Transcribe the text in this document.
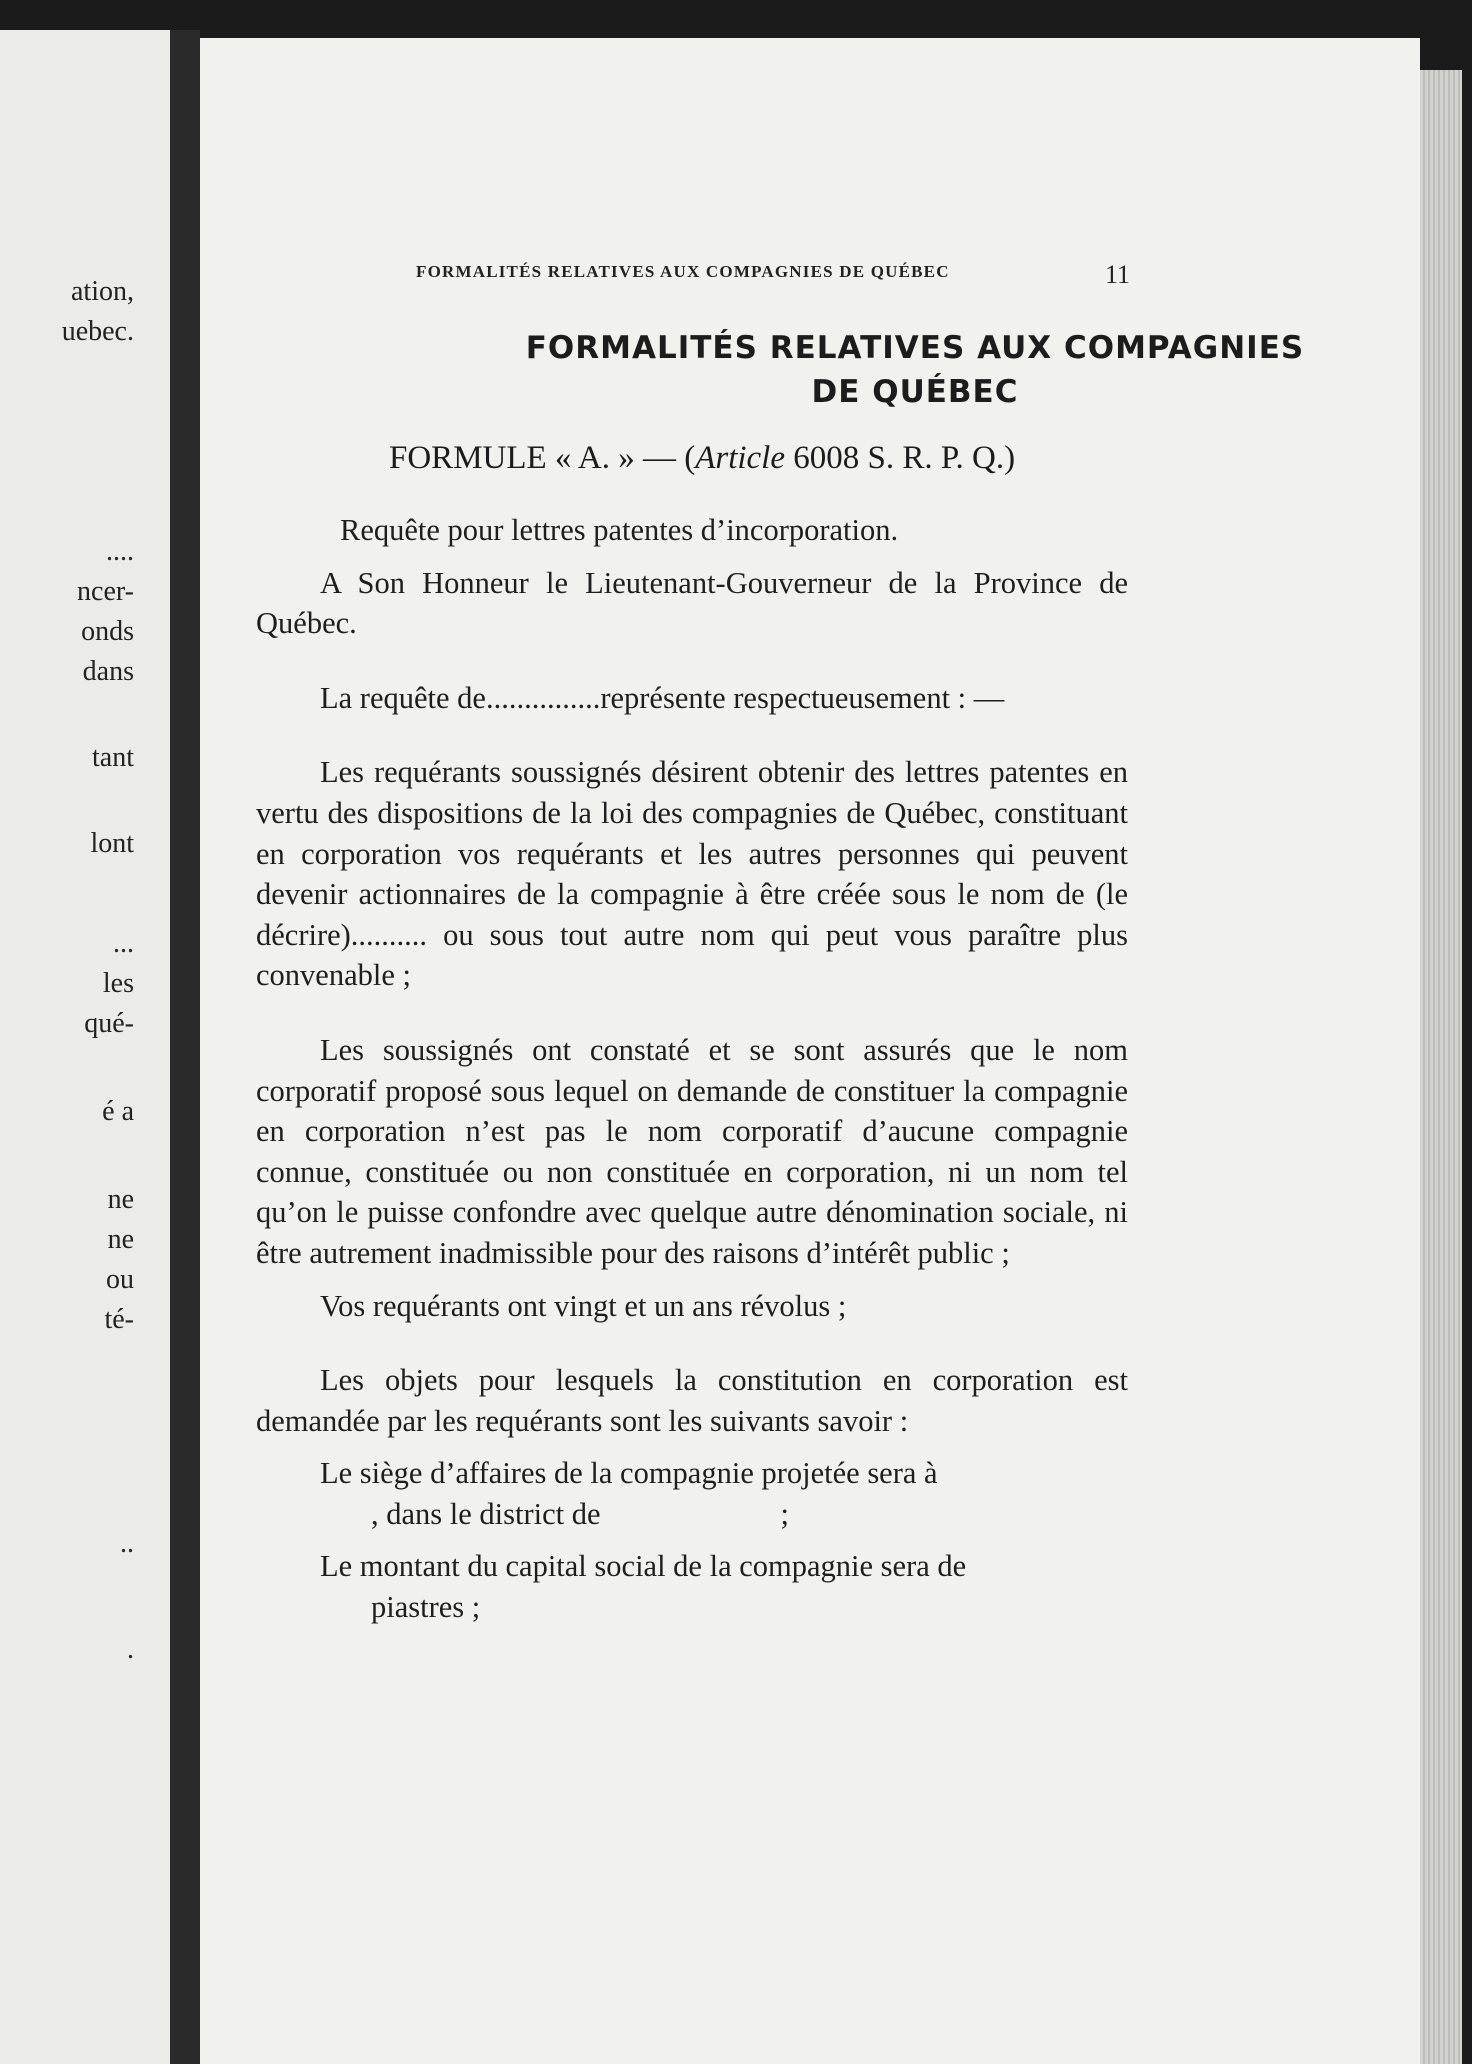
ation,
uebec.
....
ncer-
onds
dans
tant
lont
...
les
qué-
é a
ne
ne
ou
té-
..
.
FORMALITÉS RELATIVES AUX COMPAGNIES DE QUÉBEC	11
FORMALITÉS RELATIVES AUX COMPAGNIES
DE QUÉBEC
FORMULE « A. » — (Article 6008 S. R. P. Q.)

Requête pour lettres patentes d’incorporation.

A Son Honneur le Lieutenant-Gouverneur de la Province de Québec.

La requête de...............représente respectueusement : —

Les requérants soussignés désirent obtenir des lettres patentes en vertu des dispositions de la loi des compagnies de Québec, constituant en corporation vos requérants et les autres personnes qui peuvent devenir actionnaires de la compagnie à être créée sous le nom de (le décrire).......... ou sous tout autre nom qui peut vous paraître plus convenable ;

Les soussignés ont constaté et se sont assurés que le nom corporatif proposé sous lequel on demande de constituer la compagnie en corporation n’est pas le nom corporatif d’aucune compagnie connue, constituée ou non constituée en corporation, ni un nom tel qu’on le puisse confondre avec quelque autre dénomination sociale, ni être autrement inadmissible pour des raisons d’intérêt public ;

Vos requérants ont vingt et un ans révolus ;

Les objets pour lesquels la constitution en corporation est demandée par les requérants sont les suivants savoir :

Le siège d’affaires de la compagnie projetée sera à
, dans le district de	;

Le montant du capital social de la compagnie sera de
piastres ;
